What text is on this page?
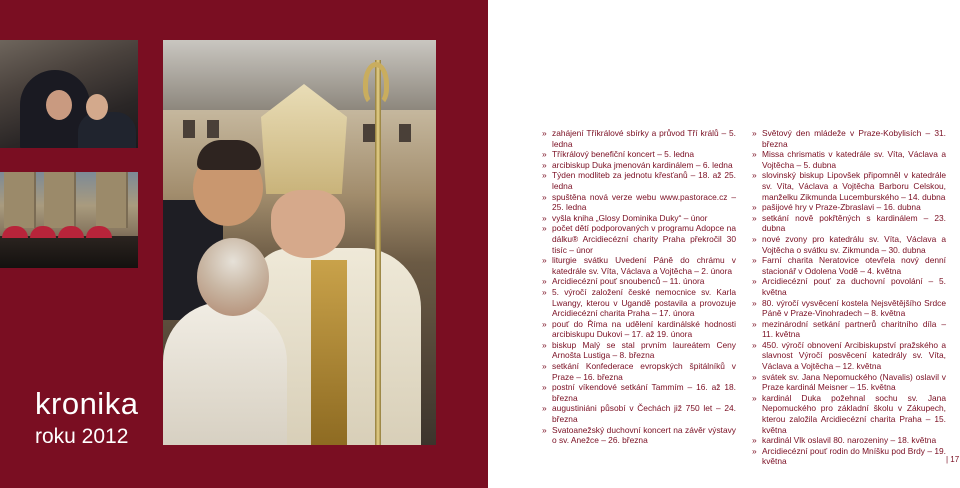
kronika
roku 2012
» zahájení Tříkrálové sbírky a průvod Tří králů – 5. ledna
» Tříkrálový benefiční koncert – 5. ledna
» arcibiskup Duka jmenován kardinálem – 6. ledna
» Týden modliteb za jednotu křesťanů – 18. až 25. ledna
» spuštěna nová verze webu www.pastorace.cz – 25. ledna
» vyšla kniha „Glosy Dominika Duky“ – únor
» počet dětí podporovaných v programu Adopce na dálku® Arcidiecézní charity Praha překročil 30 tisíc – únor
» liturgie svátku Uvedení Páně do chrámu v katedrále sv. Víta, Václava a Vojtěcha – 2. února
» Arcidiecézní pouť snoubenců – 11. února
» 5. výročí založení české nemocnice sv. Karla Lwangy, kterou v Ugandě postavila a provozuje Arcidiecézní charita Praha – 17. února
» pouť do Říma na udělení kardinálské hodnosti arcibiskupu Dukovi – 17. až 19. února
» biskup Malý se stal prvním laureátem Ceny Arnošta Lustiga – 8. března
» setkání Konfederace evropských špitálníků v Praze – 16. března
» postní víkendové setkání Tammím – 16. až 18. března
» augustiniáni působí v Čechách již 750 let – 24. března
» Svatoanežský duchovní koncert na závěr výstavy o sv. Anežce – 26. března
» Světový den mládeže v Praze-Kobylisích – 31. března
» Missa chrismatis v katedrále sv. Víta, Václava a Vojtěcha – 5. dubna
» slovinský biskup Lipovšek připomněl v katedrále sv. Víta, Václava a Vojtěcha Barboru Celskou, manželku Zikmunda Lucemburského – 14. dubna
» pašijové hry v Praze-Zbraslavi – 16. dubna
» setkání nově pokřtěných s kardinálem – 23. dubna
» nové zvony pro katedrálu sv. Víta, Václava a Vojtěcha o svátku sv. Zikmunda – 30. dubna
» Farní charita Neratovice otevřela nový denní stacionář v Odolena Vodě – 4. května
» Arcidiecézní pouť za duchovní povolání – 5. května
» 80. výročí vysvěcení kostela Nejsvětějšího Srdce Páně v Praze-Vinohradech – 8. května
» mezinárodní setkání partnerů charitního díla – 11. května
» 450. výročí obnovení Arcibiskupství pražského a slavnost Výročí posvěcení katedrály sv. Víta, Václava a Vojtěcha – 12. května
» svátek sv. Jana Nepomuckého (Navalis) oslavil v Praze kardinál Meisner – 15. května
» kardinál Duka požehnal sochu sv. Jana Nepomuckého pro základní školu v Zákupech, kterou založila Arcidiecézní charita Praha – 15. května
» kardinál Vlk oslavil 80. narozeniny – 18. května
» Arcidiecézní pouť rodin do Mníšku pod Brdy – 19. května	| 17
